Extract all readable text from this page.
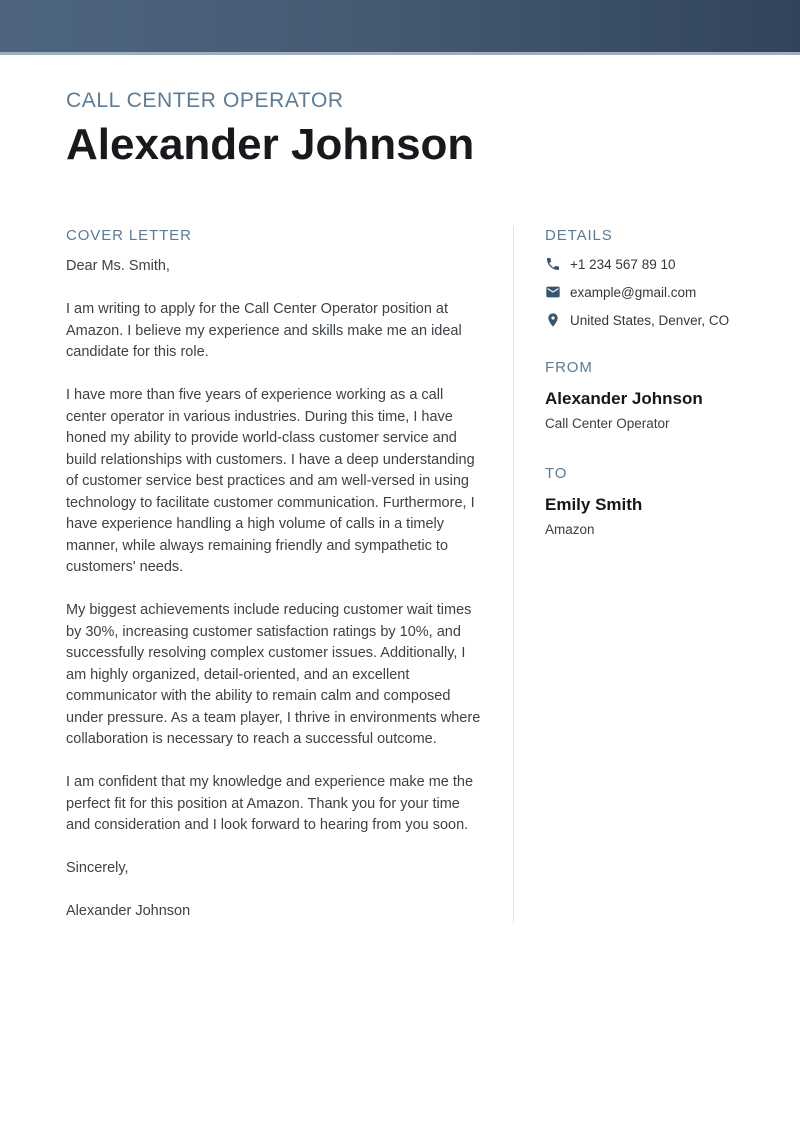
CALL CENTER OPERATOR
Alexander Johnson
COVER LETTER

Dear Ms. Smith,

I am writing to apply for the Call Center Operator position at Amazon. I believe my experience and skills make me an ideal candidate for this role.

I have more than five years of experience working as a call center operator in various industries. During this time, I have honed my ability to provide world-class customer service and build relationships with customers. I have a deep understanding of customer service best practices and am well-versed in using technology to facilitate customer communication. Furthermore, I have experience handling a high volume of calls in a timely manner, while always remaining friendly and sympathetic to customers' needs.

My biggest achievements include reducing customer wait times by 30%, increasing customer satisfaction ratings by 10%, and successfully resolving complex customer issues. Additionally, I am highly organized, detail-oriented, and an excellent communicator with the ability to remain calm and composed under pressure. As a team player, I thrive in environments where collaboration is necessary to reach a successful outcome.

I am confident that my knowledge and experience make me the perfect fit for this position at Amazon. Thank you for your time and consideration and I look forward to hearing from you soon.

Sincerely,

Alexander Johnson

DETAILS
+1 234 567 89 10
example@gmail.com
United States, Denver, CO
FROM
Alexander Johnson
Call Center Operator
TO
Emily Smith
Amazon
